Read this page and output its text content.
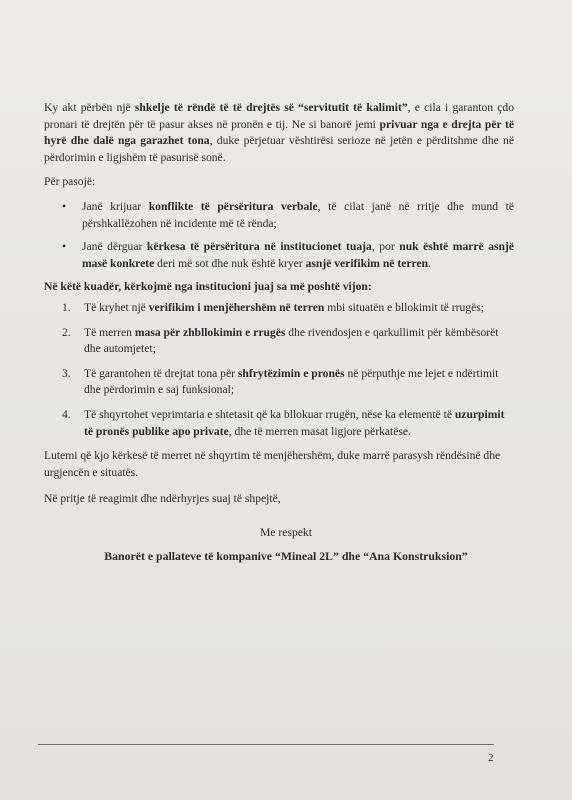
Ky akt përbën një shkelje të rëndë të të drejtës së “servitutit të kalimit”, e cila i garanton çdo pronari të drejtën për të pasur akses në pronën e tij. Ne si banorë jemi privuar nga e drejta për të hyrë dhe dalë nga garazhet tona, duke përjetuar vështirësi serioze në jetën e përditshme dhe në përdorimin e ligjshëm të pasurisë sonë.

Për pasojë:

• Janë krijuar konflikte të përsëritura verbale, të cilat janë në rritje dhe mund të përshkallëzohen në incidente më të rënda;
• Janë dërguar kërkesa të përsëritura në institucionet tuaja, por nuk është marrë asnjë masë konkrete deri më sot dhe nuk është kryer asnjë verifikim në terren.

Në këtë kuadër, kërkojmë nga institucioni juaj sa më poshtë vijon:

1. Të kryhet një verifikim i menjëhershëm në terren mbi situatën e bllokimit të rrugës;
2. Të merren masa për zhbllokimin e rrugës dhe rivendosjen e qarkullimit për këmbësorët dhe automjetet;
3. Të garantohen të drejtat tona për shfrytëzimin e pronës në përputhje me lejet e ndërtimit dhe përdorimin e saj funksional;
4. Të shqyrtohet veprimtaria e shtetasit që ka bllokuar rrugën, nëse ka elementë të uzurpimit të pronës publike apo private, dhe të merren masat ligjore përkatëse.

Lutemi që kjo kërkesë të merret në shqyrtim të menjëhershëm, duke marrë parasysh rëndësinë dhe urgjencën e situatës.

Në pritje të reagimit dhe ndërhyrjes suaj të shpejtë,

Me respekt
Banorët e pallateve të kompanive “Mineal 2L” dhe “Ana Konstruksion”
2
